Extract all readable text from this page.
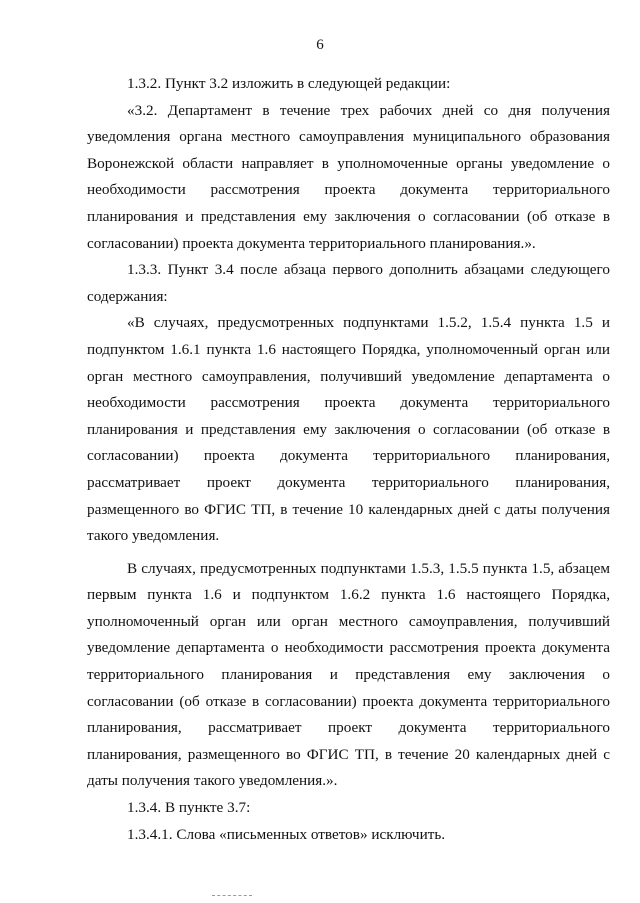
6

1.3.2. Пункт 3.2 изложить в следующей редакции:

«3.2. Департамент в течение трех рабочих дней со дня получения уведомления органа местного самоуправления муниципального образования Воронежской области направляет в уполномоченные органы уведомление о необходимости рассмотрения проекта документа территориального планирования и представления ему заключения о согласовании (об отказе в согласовании) проекта документа территориального планирования.».

1.3.3. Пункт 3.4 после абзаца первого дополнить абзацами следующего содержания:

«В случаях, предусмотренных подпунктами 1.5.2, 1.5.4 пункта 1.5 и подпунктом 1.6.1 пункта 1.6 настоящего Порядка, уполномоченный орган или орган местного самоуправления, получивший уведомление департамента о необходимости рассмотрения проекта документа территориального планирования и представления ему заключения о согласовании (об отказе в согласовании) проекта документа территориального планирования, рассматривает проект документа территориального планирования, размещенного во ФГИС ТП, в течение 10 календарных дней с даты получения такого уведомления.

В случаях, предусмотренных подпунктами 1.5.3, 1.5.5 пункта 1.5, абзацем первым пункта 1.6 и подпунктом 1.6.2 пункта 1.6 настоящего Порядка, уполномоченный орган или орган местного самоуправления, получивший уведомление департамента о необходимости рассмотрения проекта документа территориального планирования и представления ему заключения о согласовании (об отказе в согласовании) проекта документа территориального планирования, рассматривает проект документа территориального планирования, размещенного во ФГИС ТП, в течение 20 календарных дней с даты получения такого уведомления.».

1.3.4. В пункте 3.7:

1.3.4.1. Слова «письменных ответов» исключить.
